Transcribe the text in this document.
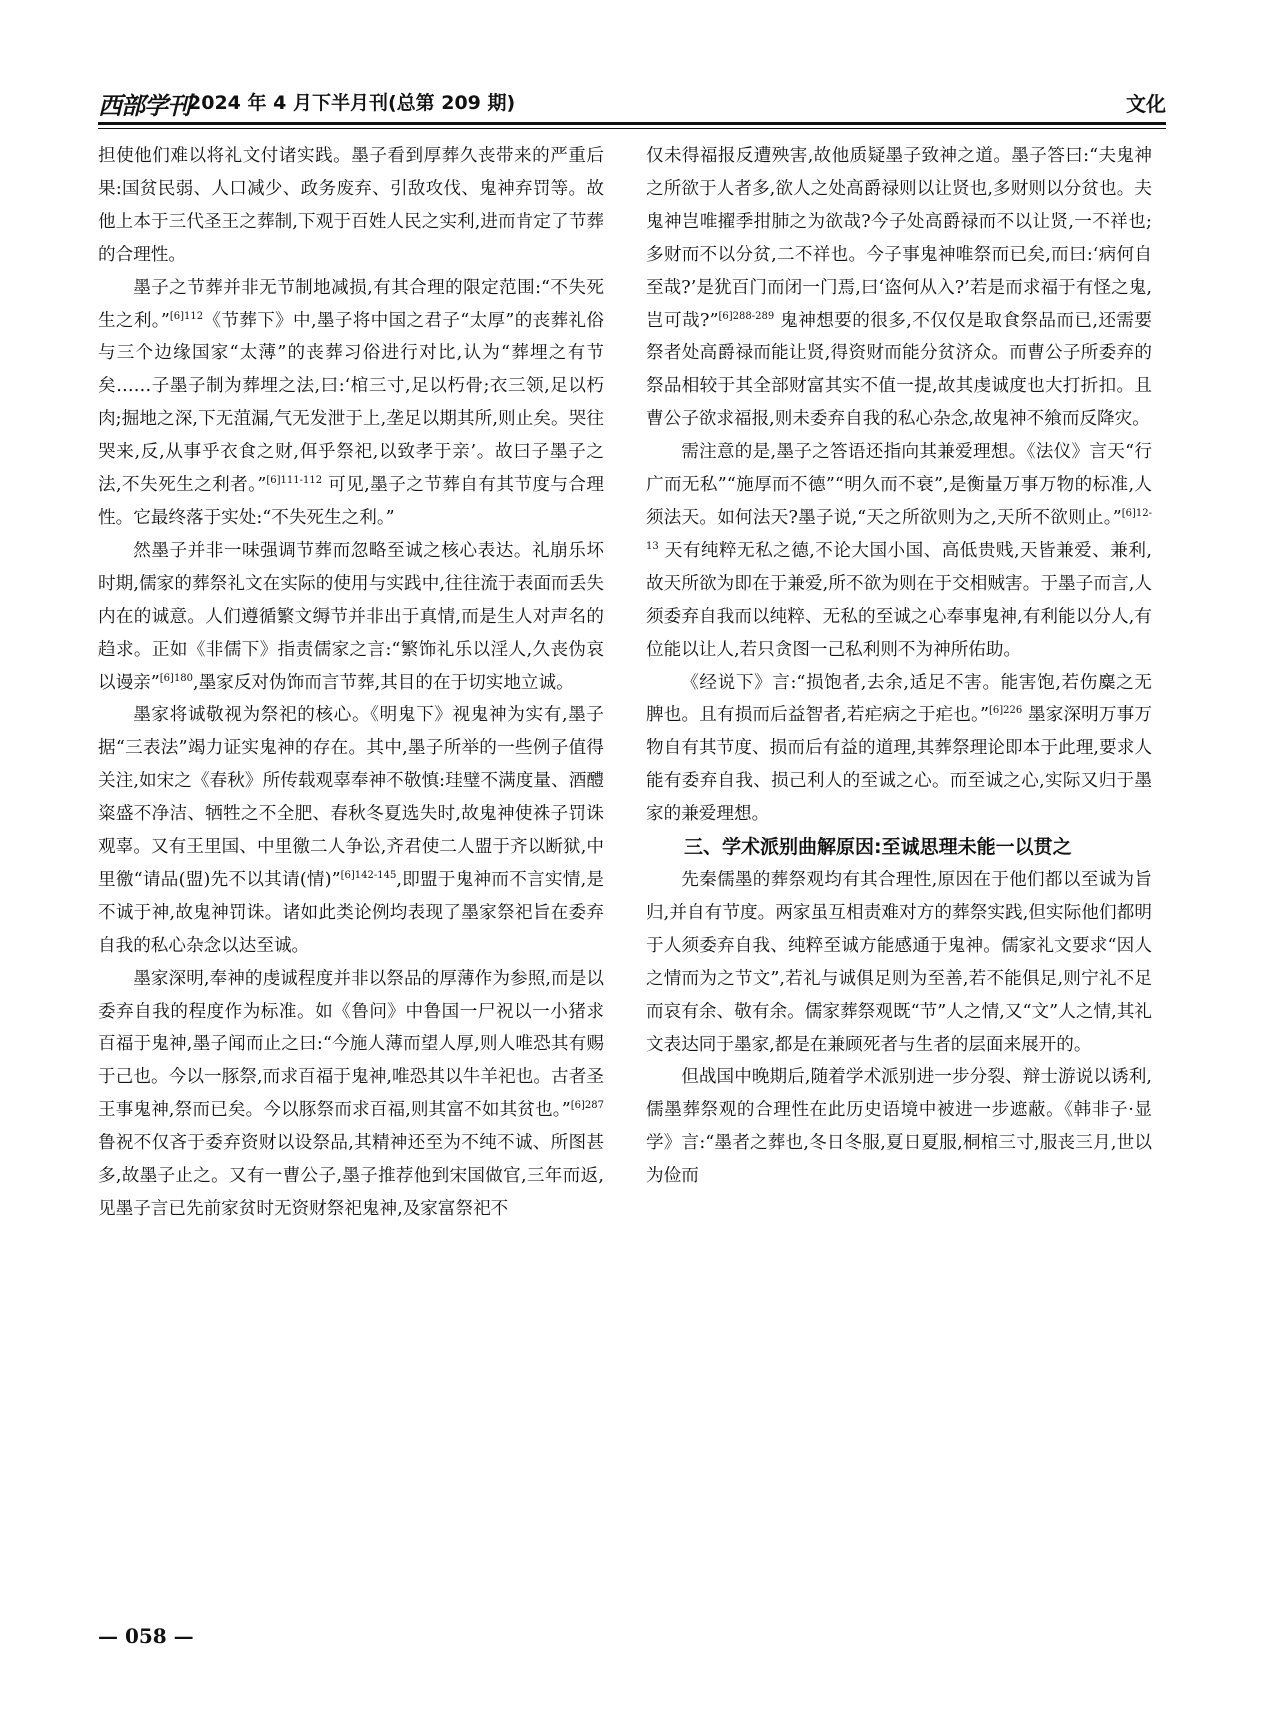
西部学刊
2024 年 4 月下半月刊(总第 209 期)	文化

担使他们难以将礼文付诸实践。墨子看到厚葬久丧带来的严重后果:国贫民弱、人口减少、政务废弃、引敌攻伐、鬼神弃罚等。故他上本于三代圣王之葬制,下观于百姓人民之实利,进而肯定了节葬的合理性。

墨子之节葬并非无节制地减损,有其合理的限定范围:“不失死生之利。”$^{[6]112}$《节葬下》中,墨子将中国之君子“太厚”的丧葬礼俗与三个边缘国家“太薄”的丧葬习俗进行对比,认为“葬埋之有节矣……子墨子制为葬埋之法,曰:‘棺三寸,足以朽骨;衣三领,足以朽肉;掘地之深,下无菹漏,气无发泄于上,垄足以期其所,则止矣。哭往哭来,反,从事乎衣食之财,佴乎祭祀,以致孝于亲’。故曰子墨子之法,不失死生之利者。”$^{[6]111-112}$ 可见,墨子之节葬自有其节度与合理性。它最终落于实处:“不失死生之利。”

然墨子并非一味强调节葬而忽略至诚之核心表达。礼崩乐坏时期,儒家的葬祭礼文在实际的使用与实践中,往往流于表面而丢失内在的诚意。人们遵循繁文缛节并非出于真情,而是生人对声名的趋求。正如《非儒下》指责儒家之言:“繁饰礼乐以淫人,久丧伪哀以谩亲”$^{[6]180}$,墨家反对伪饰而言节葬,其目的在于切实地立诚。

墨家将诚敬视为祭祀的核心。《明鬼下》视鬼神为实有,墨子据“三表法”竭力证实鬼神的存在。其中,墨子所举的一些例子值得关注,如宋之《春秋》所传载观辜奉神不敬慎:珪璧不满度量、酒醴粢盛不净洁、牺牲之不全肥、春秋冬夏选失时,故鬼神使祩子罚诛观辜。又有王里国、中里徼二人争讼,齐君使二人盟于齐以断狱,中里徼“请品(盟)先不以其请(情)”$^{[6]142-145}$,即盟于鬼神而不言实情,是不诚于神,故鬼神罚诛。诸如此类论例均表现了墨家祭祀旨在委弃自我的私心杂念以达至诚。

墨家深明,奉神的虔诚程度并非以祭品的厚薄作为参照,而是以委弃自我的程度作为标准。如《鲁问》中鲁国一尸祝以一小猪求百福于鬼神,墨子闻而止之曰:“今施人薄而望人厚,则人唯恐其有赐于己也。今以一豚祭,而求百福于鬼神,唯恐其以牛羊祀也。古者圣王事鬼神,祭而已矣。今以豚祭而求百福,则其富不如其贫也。”$^{[6]287}$ 鲁祝不仅吝于委弃资财以设祭品,其精神还至为不纯不诚、所图甚多,故墨子止之。又有一曹公子,墨子推荐他到宋国做官,三年而返,见墨子言已先前家贫时无资财祭祀鬼神,及家富祭祀不

仅未得福报反遭殃害,故他质疑墨子致神之道。墨子答曰:“夫鬼神之所欲于人者多,欲人之处高爵禄则以让贤也,多财则以分贫也。夫鬼神岂唯擢季拑肺之为欲哉?今子处高爵禄而不以让贤,一不祥也;多财而不以分贫,二不祥也。今子事鬼神唯祭而已矣,而曰:‘病何自至哉?’是犹百门而闭一门焉,曰‘盗何从入?’若是而求福于有怪之鬼,岂可哉?”$^{[6]288-289}$ 鬼神想要的很多,不仅仅是取食祭品而已,还需要祭者处高爵禄而能让贤,得资财而能分贫济众。而曹公子所委弃的祭品相较于其全部财富其实不值一提,故其虔诚度也大打折扣。且曹公子欲求福报,则未委弃自我的私心杂念,故鬼神不飨而反降灾。

需注意的是,墨子之答语还指向其兼爱理想。《法仪》言天“行广而无私”“施厚而不德”“明久而不衰”,是衡量万事万物的标准,人须法天。如何法天?墨子说,“天之所欲则为之,天所不欲则止。”$^{[6]12-13}$ 天有纯粹无私之德,不论大国小国、高低贵贱,天皆兼爱、兼利,故天所欲为即在于兼爱,所不欲为则在于交相贼害。于墨子而言,人须委弃自我而以纯粹、无私的至诚之心奉事鬼神,有利能以分人,有位能以让人,若只贪图一己私利则不为神所佑助。

《经说下》言:“损饱者,去余,适足不害。能害饱,若伤麋之无脾也。且有损而后益智者,若疟病之于疟也。”$^{[6]226}$ 墨家深明万事万物自有其节度、损而后有益的道理,其葬祭理论即本于此理,要求人能有委弃自我、损己利人的至诚之心。而至诚之心,实际又归于墨家的兼爱理想。

三、学术派别曲解原因:至诚思理未能一以贯之

先秦儒墨的葬祭观均有其合理性,原因在于他们都以至诚为旨归,并自有节度。两家虽互相责难对方的葬祭实践,但实际他们都明于人须委弃自我、纯粹至诚方能感通于鬼神。儒家礼文要求“因人之情而为之节文”,若礼与诚俱足则为至善,若不能俱足,则宁礼不足而哀有余、敬有余。儒家葬祭观既“节”人之情,又“文”人之情,其礼文表达同于墨家,都是在兼顾死者与生者的层面来展开的。

但战国中晚期后,随着学术派别进一步分裂、辩士游说以诱利,儒墨葬祭观的合理性在此历史语境中被进一步遮蔽。《韩非子·显学》言:“墨者之葬也,冬日冬服,夏日夏服,桐棺三寸,服丧三月,世以为俭而

— 058 —
